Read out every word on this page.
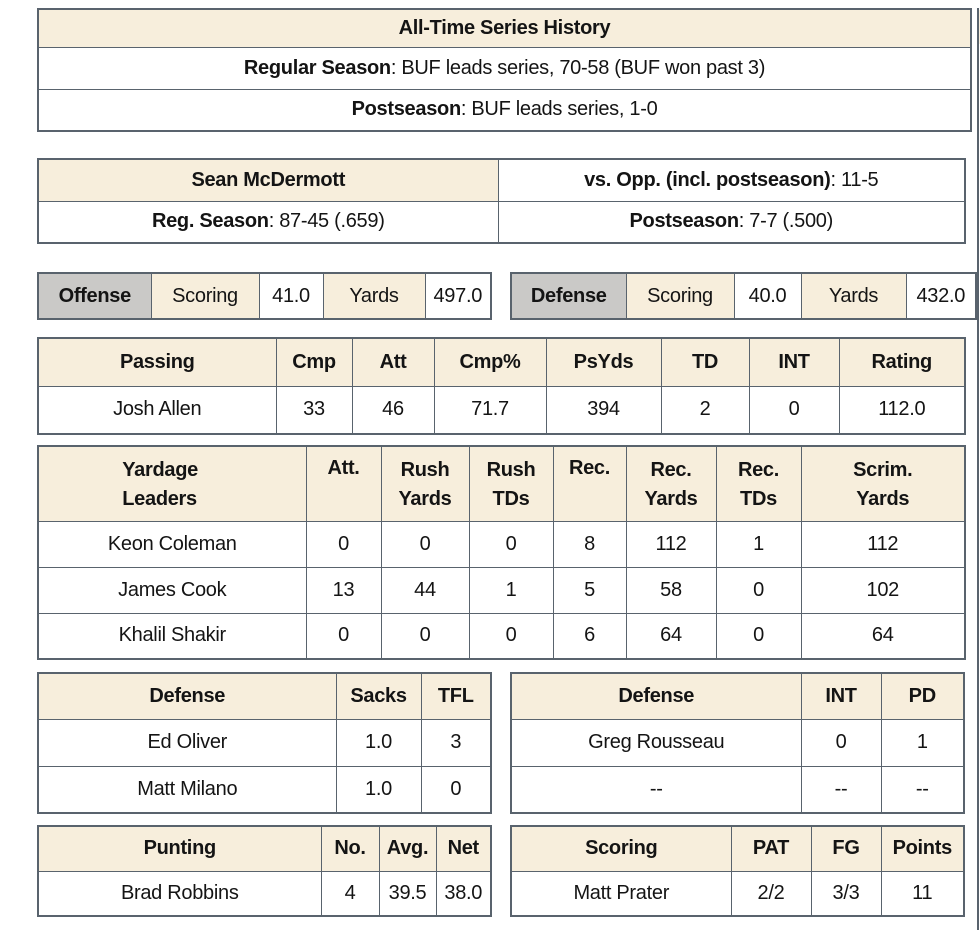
All-Time Series History
Regular Season: BUF leads series, 70-58 (BUF won past 3)
Postseason: BUF leads series, 1-0
Sean McDermott	vs. Opp. (incl. postseason): 11-5
Reg. Season: 87-45 (.659)	Postseason: 7-7 (.500)
Offense	Scoring	41.0	Yards	497.0 Defense	Scoring	40.0	Yards	432.0
Passing	Cmp	Att	Cmp%	PsYds	TD	INT	Rating
Josh Allen	33	46	71.7	394	2	0	112.0
Yardage Leaders	Att.	Rush Yards	Rush TDs	Rec.	Rec. Yards	Rec. TDs	Scrim. Yards
Keon Coleman	0	0	0	8	112	1	112
James Cook	13	44	1	5	58	0	102
Khalil Shakir	0	0	0	6	64	0	64
Defense	Sacks	TFL
Ed Oliver	1.0	3
Matt Milano	1.0	0
Defense	INT	PD
Greg Rousseau	0	1
--	--	--
Punting	No.	Avg.	Net
Brad Robbins	4	39.5	38.0
Scoring	PAT	FG	Points
Matt Prater	2/2	3/3	11
